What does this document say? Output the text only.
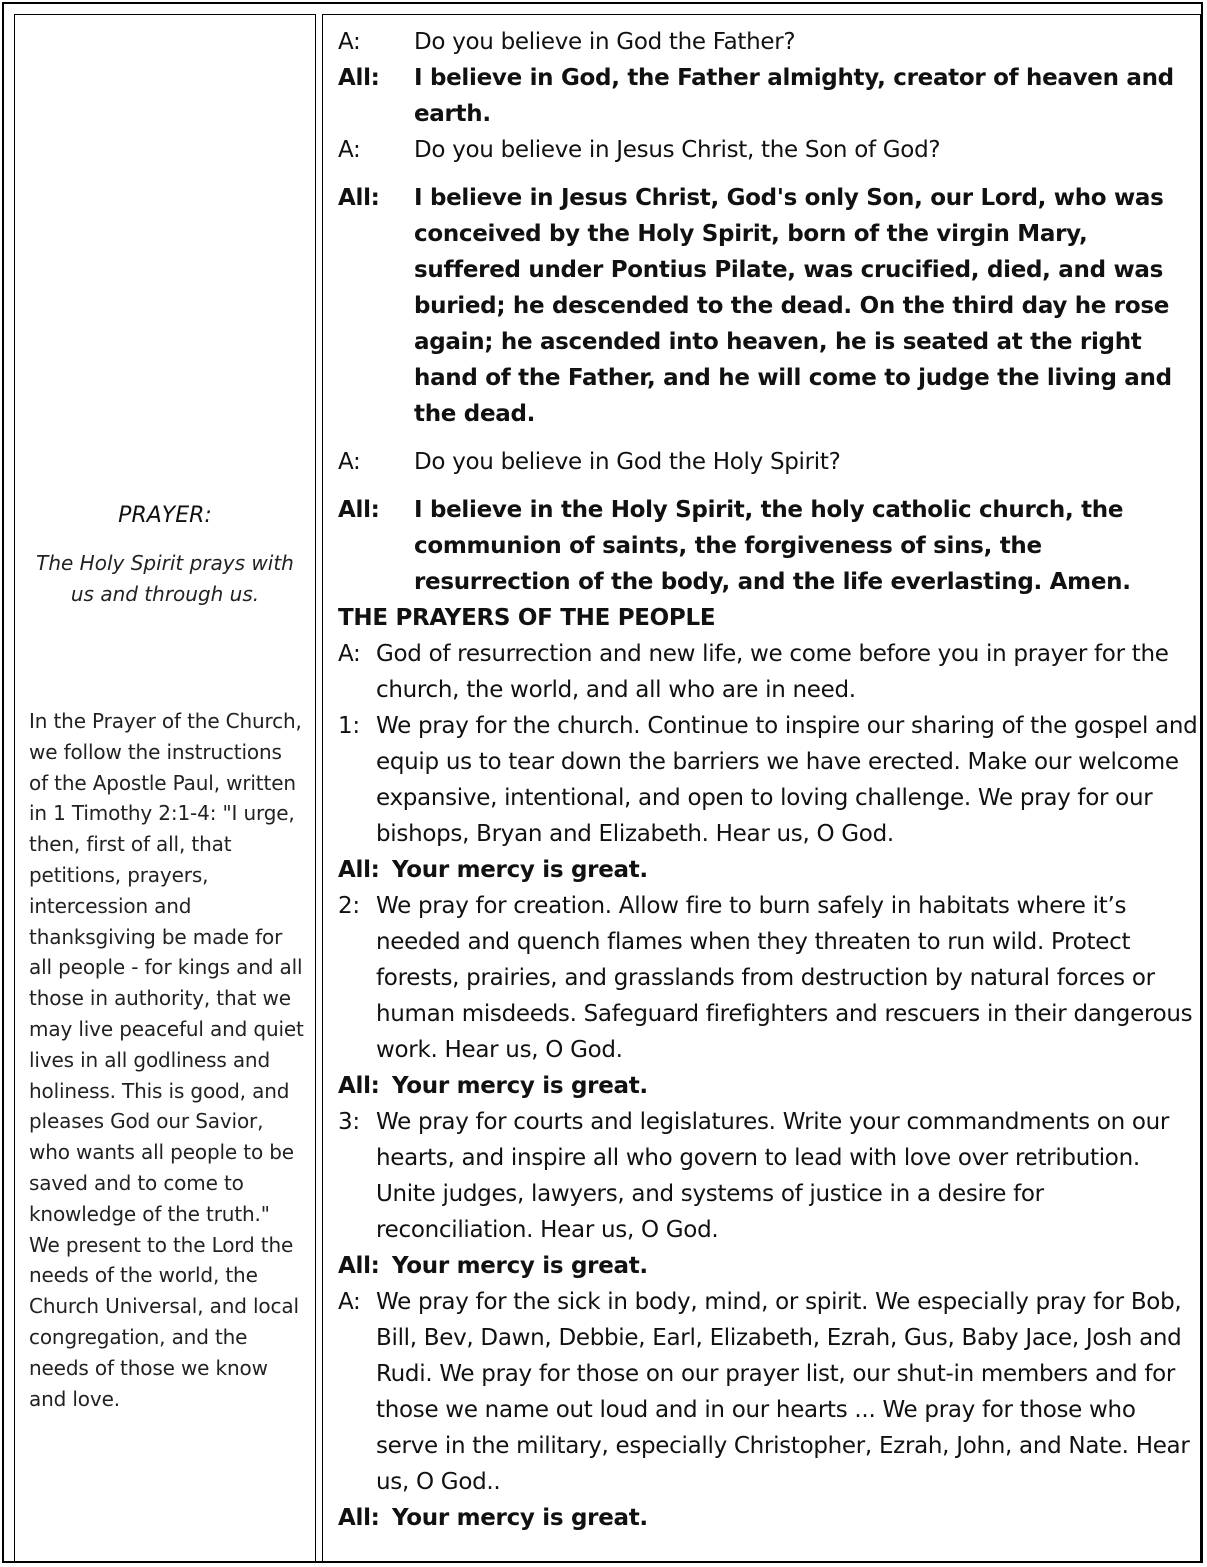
PRAYER:
The Holy Spirit prays with us and through us.
In the Prayer of the Church, we follow the instructions of the Apostle Paul, written in 1 Timothy 2:1-4: "I urge, then, first of all, that petitions, prayers, intercession and thanksgiving be made for all people - for kings and all those in authority, that we may live peaceful and quiet lives in all godliness and holiness. This is good, and pleases God our Savior, who wants all people to be saved and to come to knowledge of the truth." We present to the Lord the needs of the world, the Church Universal, and local congregation, and the needs of those we know and love.
A:	Do you believe in God the Father?
All:	I believe in God, the Father almighty, creator of heaven and earth.
A:	Do you believe in Jesus Christ, the Son of God?
All:	I believe in Jesus Christ, God's only Son, our Lord, who was conceived by the Holy Spirit, born of the virgin Mary, suffered under Pontius Pilate, was crucified, died, and was buried; he descended to the dead. On the third day he rose again; he ascended into heaven, he is seated at the right hand of the Father, and he will come to judge the living and the dead.
A:	Do you believe in God the Holy Spirit?
All:	I believe in the Holy Spirit, the holy catholic church, the communion of saints, the forgiveness of sins, the resurrection of the body, and the life everlasting. Amen.
THE PRAYERS OF THE PEOPLE
A: God of resurrection and new life, we come before you in prayer for the church, the world, and all who are in need.
1: We pray for the church. Continue to inspire our sharing of the gospel and equip us to tear down the barriers we have erected. Make our welcome expansive, intentional, and open to loving challenge. We pray for our bishops, Bryan and Elizabeth. Hear us, O God.
All: Your mercy is great.
2: We pray for creation. Allow fire to burn safely in habitats where it’s needed and quench flames when they threaten to run wild. Protect forests, prairies, and grasslands from destruction by natural forces or human misdeeds. Safeguard firefighters and rescuers in their dangerous work. Hear us, O God.
All: Your mercy is great.
3: We pray for courts and legislatures. Write your commandments on our hearts, and inspire all who govern to lead with love over retribution. Unite judges, lawyers, and systems of justice in a desire for reconciliation. Hear us, O God.
All: Your mercy is great.
A: We pray for the sick in body, mind, or spirit. We especially pray for Bob, Bill, Bev, Dawn, Debbie, Earl, Elizabeth, Ezrah, Gus, Baby Jace, Josh and Rudi. We pray for those on our prayer list, our shut-in members and for those we name out loud and in our hearts ... We pray for those who serve in the military, especially Christopher, Ezrah, John, and Nate. Hear us, O God..
All: Your mercy is great.
